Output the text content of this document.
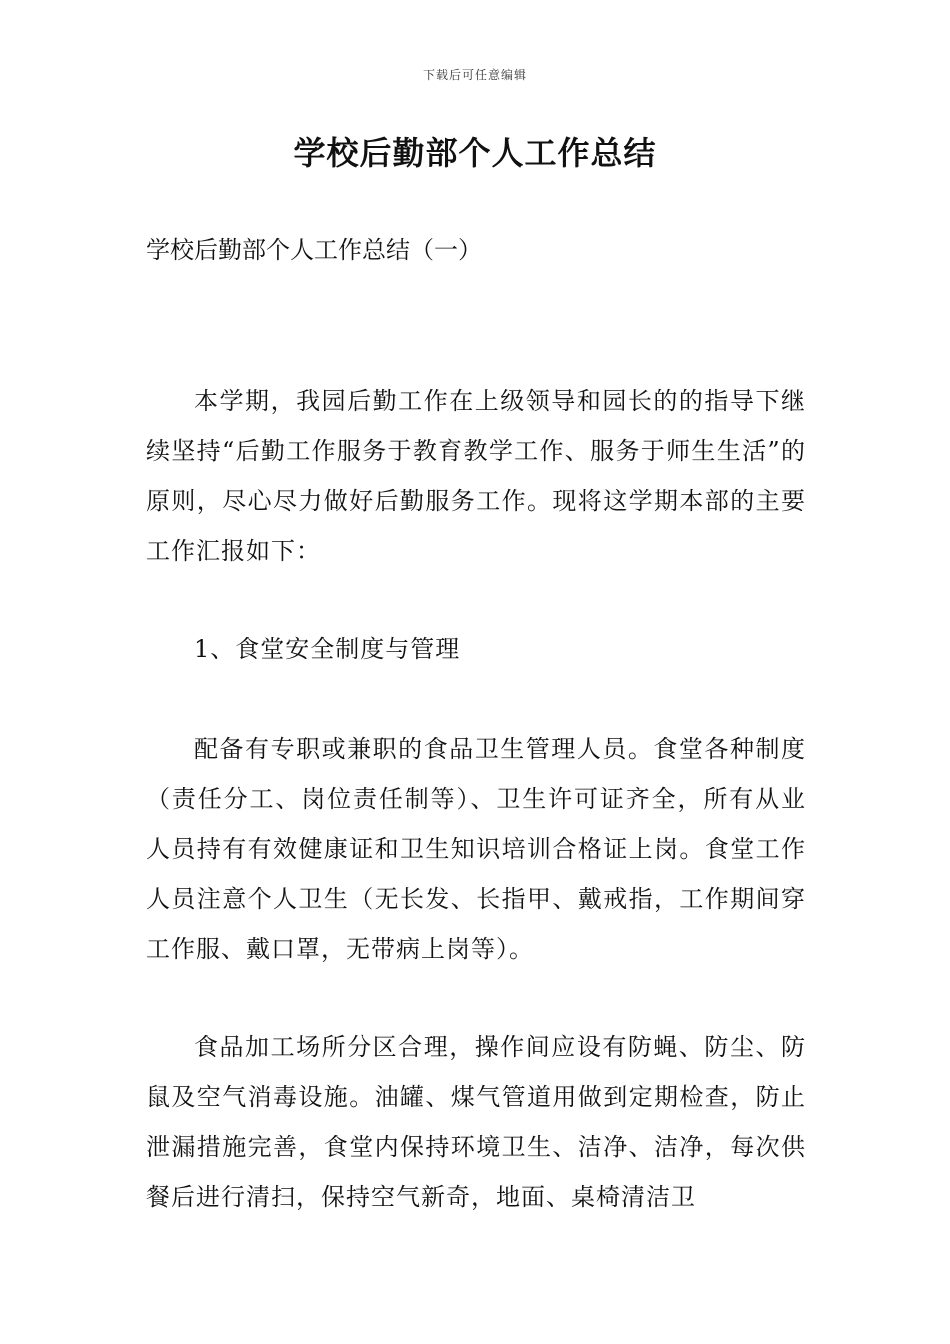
下载后可任意编辑
学校后勤部个人工作总结
学校后勤部个人工作总结（一）
本学期，我园后勤工作在上级领导和园长的的指导下继续坚持“后勤工作服务于教育教学工作、服务于师生生活”的原则，尽心尽力做好后勤服务工作。现将这学期本部的主要工作汇报如下：
1、食堂安全制度与管理
配备有专职或兼职的食品卫生管理人员。食堂各种制度（责任分工、岗位责任制等）、卫生许可证齐全，所有从业人员持有有效健康证和卫生知识培训合格证上岗。食堂工作人员注意个人卫生（无长发、长指甲、戴戒指，工作期间穿工作服、戴口罩，无带病上岗等）。
食品加工场所分区合理，操作间应设有防蝇、防尘、防鼠及空气消毒设施。油罐、煤气管道用做到定期检查，防止泄漏措施完善，食堂内保持环境卫生、洁净、洁净，每次供餐后进行清扫，保持空气新奇，地面、桌椅清洁卫
